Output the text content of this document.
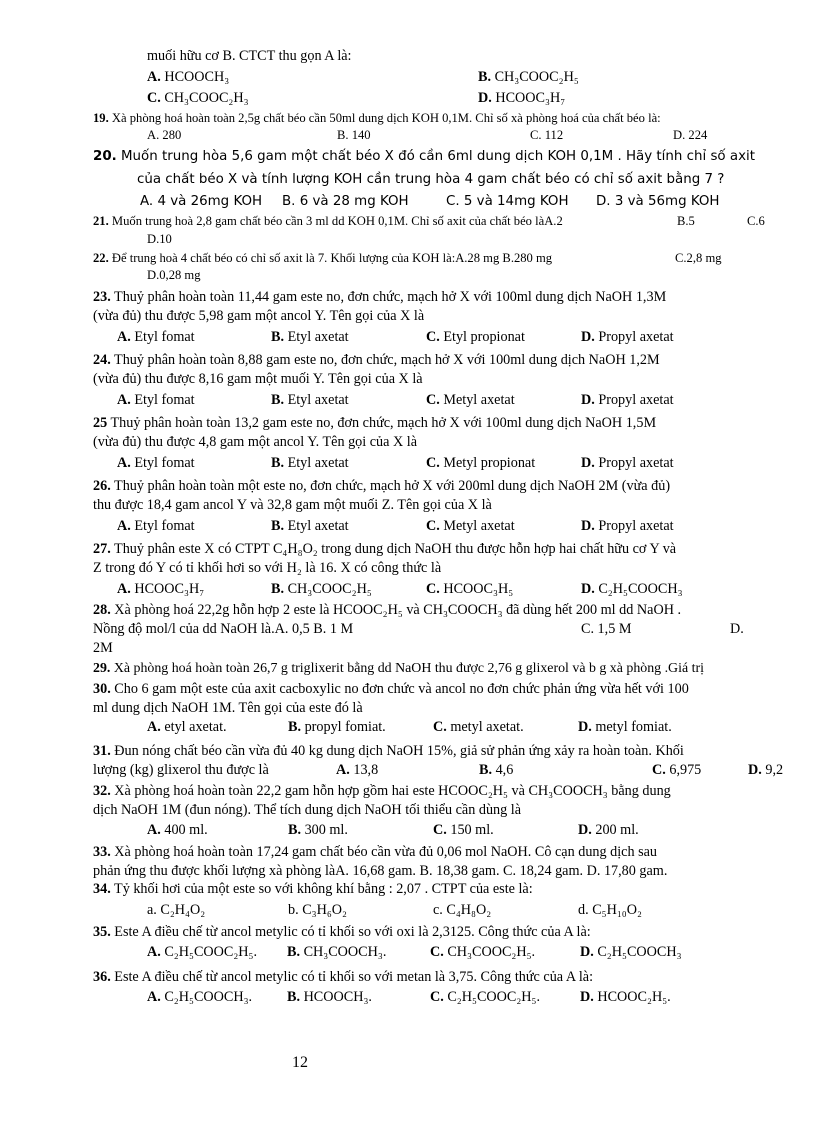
muối hữu cơ B. CTCT thu gọn A là:
A. HCOOCH₃	B. CH₃COOC₂H₅
C. CH₃COOC₂H₃	D. HCOOC₃H₇
19. Xà phòng hoá hoàn toàn 2,5g chất béo cần 50ml dung dịch KOH 0,1M. Chỉ số xà phòng hoá của chất béo là:
A. 280	B. 140	C. 112	D. 224
20. Muốn trung hòa 5,6 gam một chất béo X đó cần 6ml dung dịch KOH 0,1M . Hãy tính chỉ số axit
của chất béo X và tính lượng KOH cần trung hòa 4 gam chất béo có chỉ số axit bằng 7 ?
A. 4 và 26mg KOH B. 6 và 28 mg KOH	C. 5 và 14mg KOH D. 3 và 56mg KOH
21. Muốn trung hoà 2,8 gam chất béo cần 3 ml dd KOH 0,1M. Chỉ số axit của chất béo làA.2	B.5	C.6
D.10
22. Để trung hoà 4 chất béo có chỉ số axit là 7. Khối lượng của KOH là:A.28 mg B.280 mg	C.2,8 mg
D.0,28 mg
23. Thuỷ phân hoàn toàn 11,44 gam este no, đơn chức, mạch hở X với 100ml dung dịch NaOH 1,3M
(vừa đủ) thu được 5,98 gam một ancol Y. Tên gọi của X là
A. Etyl fomat	B. Etyl axetat	C. Etyl propionat	D. Propyl axetat
24. Thuỷ phân hoàn toàn 8,88 gam este no, đơn chức, mạch hở X với 100ml dung dịch NaOH 1,2M
(vừa đủ) thu được 8,16 gam một muối Y. Tên gọi của X là
A. Etyl fomat	B. Etyl axetat	C. Metyl axetat	D. Propyl axetat
25 Thuỷ phân hoàn toàn 13,2 gam este no, đơn chức, mạch hở X với 100ml dung dịch NaOH 1,5M
(vừa đủ) thu được 4,8 gam một ancol Y. Tên gọi của X là
A. Etyl fomat	B. Etyl axetat	C. Metyl propionat	D. Propyl axetat
26. Thuỷ phân hoàn toàn một este no, đơn chức, mạch hở X với 200ml dung dịch NaOH 2M (vừa đủ)
thu được 18,4 gam ancol Y và 32,8 gam một muối Z. Tên gọi của X là
A. Etyl fomat	B. Etyl axetat	C. Metyl axetat	D. Propyl axetat
27. Thuỷ phân este X có CTPT C₄H₈O₂ trong dung dịch NaOH thu được hỗn hợp hai chất hữu cơ Y và
Z trong đó Y có tỉ khối hơi so với H₂ là 16. X có công thức là
A. HCOOC₃H₇	B. CH₃COOC₂H₅	C. HCOOC₃H₅	D. C₂H₅COOCH₃
28. Xà phòng hoá 22,2g hỗn hợp 2 este là HCOOC₂H₅ và CH₃COOCH₃ đã dùng hết 200 ml dd NaOH .
Nồng độ mol/l của dd NaOH là.A. 0,5 B. 1 M	C. 1,5 M	D.
2M
29. Xà phòng hoá hoàn toàn 26,7 g triglixerit bằng dd NaOH thu được 2,76 g glixerol và b g xà phòng .Giá trị
30. Cho 6 gam một este của axit cacboxylic no đơn chức và ancol no đơn chức phản ứng vừa hết với 100
ml dung dịch NaOH 1M. Tên gọi của este đó là
A. etyl axetat.	B. propyl fomiat.	C. metyl axetat.	D. metyl fomiat.
31. Đun nóng chất béo cần vừa đủ 40 kg dung dịch NaOH 15%, giả sử phản ứng xảy ra hoàn toàn. Khối
lượng (kg) glixerol thu được là	A. 13,8	B. 4,6	C. 6,975	D. 9,2
32. Xà phòng hoá hoàn toàn 22,2 gam hỗn hợp gồm hai este HCOOC₂H₅ và CH₃COOCH₃ bằng dung
dịch NaOH 1M (đun nóng). Thể tích dung dịch NaOH tối thiểu cần dùng là
A. 400 ml.	B. 300 ml.	C. 150 ml.	D. 200 ml.
33. Xà phòng hoá hoàn toàn 17,24 gam chất béo cần vừa đủ 0,06 mol NaOH. Cô cạn dung dịch sau
phản ứng thu được khối lượng xà phòng làA. 16,68 gam. B. 18,38 gam. C. 18,24 gam. D. 17,80 gam.
34. Tỷ khối hơi của một este so với không khí bằng : 2,07 . CTPT của este là:
a. C₂H₄O₂	b. C₃H₆O₂	c. C₄H₈O₂	d. C₅H₁₀O₂
35. Este A điều chế từ ancol metylic có tỉ khối so với oxi là 2,3125. Công thức của A là:
A. C₂H₅COOC₂H₅. B. CH₃COOCH₃.	C. CH₃COOC₂H₅.	D. C₂H₅COOCH₃
36. Este A điều chế từ ancol metylic có tỉ khối so với metan là 3,75. Công thức của A là:
A. C₂H₅COOCH₃. B. HCOOCH₃.	C. C₂H₅COOC₂H₅.	D. HCOOC₂H₅.
12
